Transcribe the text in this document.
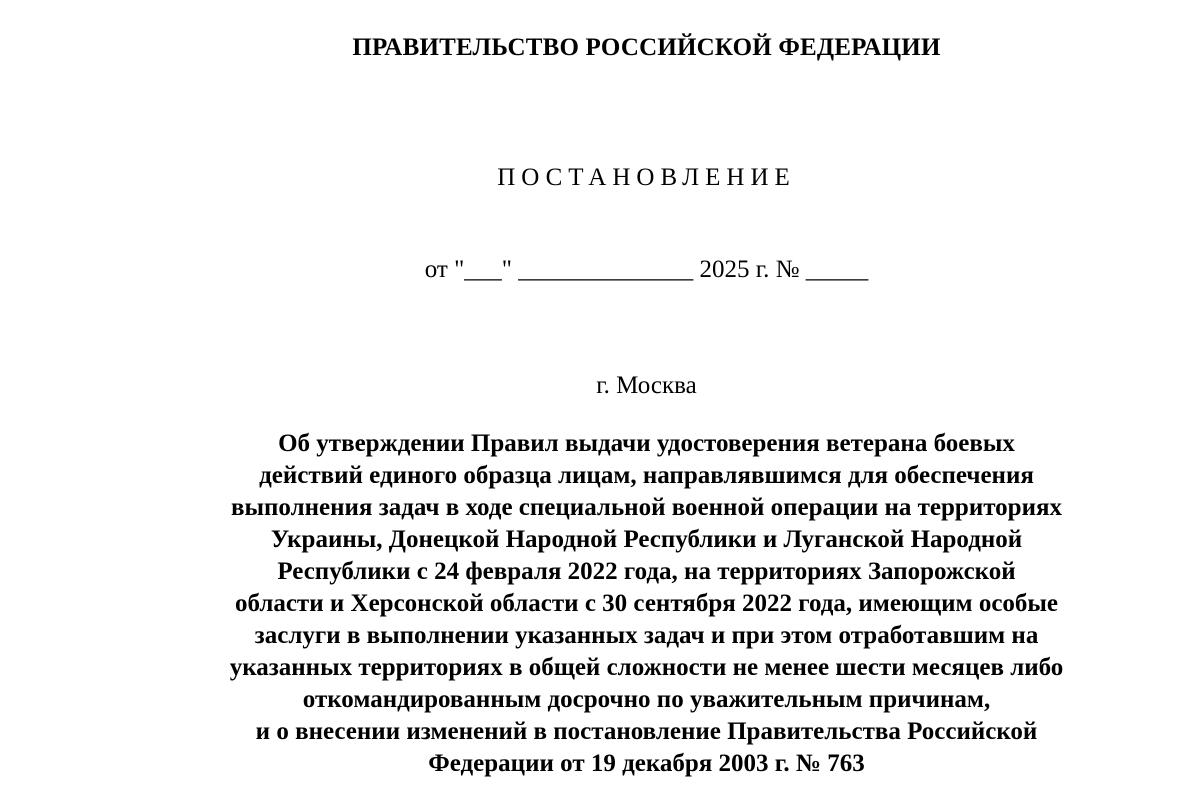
ПРАВИТЕЛЬСТВО РОССИЙСКОЙ ФЕДЕРАЦИИ
ПОСТАНОВЛЕНИЕ
от "___" ______________ 2025 г. № _____
г. Москва
Об утверждении Правил выдачи удостоверения ветерана боевых
действий единого образца лицам, направлявшимся для обеспечения
выполнения задач в ходе специальной военной операции на территориях
Украины, Донецкой Народной Республики и Луганской Народной
Республики с 24 февраля 2022 года, на территориях Запорожской
области и Херсонской области с 30 сентября 2022 года, имеющим особые
заслуги в выполнении указанных задач и при этом отработавшим на
указанных территориях в общей сложности не менее шести месяцев либо
откомандированным досрочно по уважительным причинам,
и о внесении изменений в постановление Правительства Российской
Федерации от 19 декабря 2003 г. № 763
